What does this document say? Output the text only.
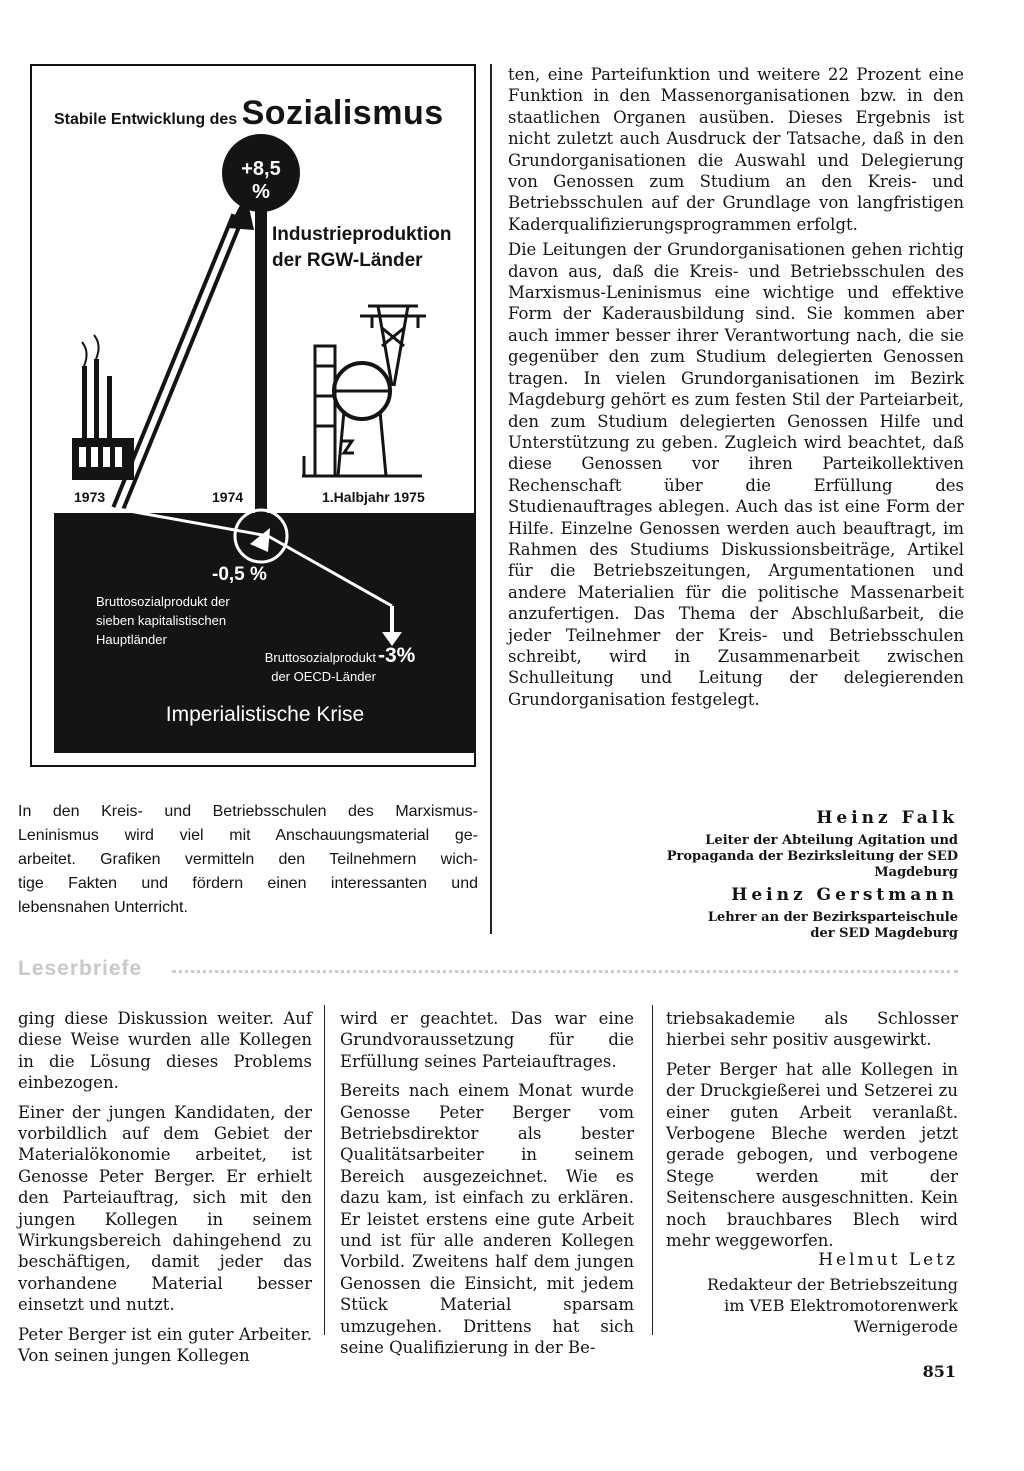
Stabile Entwicklung des Sozialismus
+8,5 %
Industrieproduktion
der RGW-Länder
1973	1974	1.Halbjahr 1975
-0,5 %
Bruttosozialprodukt der
sieben kapitalistischen
Hauptländer
Bruttosozialprodukt
der OECD-Länder
-3%
Imperialistische Krise
In den Kreis- und Betriebsschulen des Marxismus-
Leninismus wird viel mit Anschauungsmaterial ge-
arbeitet. Grafiken vermitteln den Teilnehmern wich-
tige Fakten und fördern einen interessanten und
lebensnahen Unterricht.

ten, eine Parteifunktion und weitere 22 Prozent eine Funktion in den Massenorganisationen bzw. in den staatlichen Organen ausüben. Dieses Ergebnis ist nicht zuletzt auch Ausdruck der Tatsache, daß in den Grundorganisationen die Auswahl und Delegierung von Genossen zum Studium an den Kreis- und Betriebsschulen auf der Grundlage von langfristigen Kaderqualifizierungsprogrammen erfolgt.

Die Leitungen der Grundorganisationen gehen richtig davon aus, daß die Kreis- und Betriebsschulen des Marxismus-Leninismus eine wichtige und effektive Form der Kaderausbildung sind. Sie kommen aber auch immer besser ihrer Verantwortung nach, die sie gegenüber den zum Studium delegierten Genossen tragen. In vielen Grundorganisationen im Bezirk Magdeburg gehört es zum festen Stil der Parteiarbeit, den zum Studium delegierten Genossen Hilfe und Unterstützung zu geben. Zugleich wird beachtet, daß diese Genossen vor ihren Parteikollektiven Rechenschaft über die Erfüllung des Studienauftrages ablegen. Auch das ist eine Form der Hilfe. Einzelne Genossen werden auch beauftragt, im Rahmen des Studiums Diskussionsbeiträge, Artikel für die Betriebszeitungen, Argumentationen und andere Materialien für die politische Massenarbeit anzufertigen. Das Thema der Abschlußarbeit, die jeder Teilnehmer der Kreis- und Betriebsschulen schreibt, wird in Zusammenarbeit zwischen Schulleitung und Leitung der delegierenden Grundorganisation festgelegt.

Heinz Falk
Leiter der Abteilung Agitation und
Propaganda der Bezirksleitung der SED
Magdeburg
Heinz Gerstmann
Lehrer an der Bezirksparteischule
der SED Magdeburg
Leserbriefe

ging diese Diskussion weiter. Auf diese Weise wurden alle Kollegen in die Lösung dieses Problems einbezogen.

Einer der jungen Kandidaten, der vorbildlich auf dem Gebiet der Materialökonomie arbeitet, ist Genosse Peter Berger. Er erhielt den Parteiauftrag, sich mit den jungen Kollegen in seinem Wirkungsbereich dahingehend zu beschäftigen, damit jeder das vorhandene Material besser einsetzt und nutzt.

Peter Berger ist ein guter Arbeiter. Von seinen jungen Kollegen

wird er geachtet. Das war eine Grundvoraussetzung für die Erfüllung seines Parteiauftrages.

Bereits nach einem Monat wurde Genosse Peter Berger vom Betriebsdirektor als bester Qualitätsarbeiter in seinem Bereich ausgezeichnet. Wie es dazu kam, ist einfach zu erklären. Er leistet erstens eine gute Arbeit und ist für alle anderen Kollegen Vorbild. Zweitens half dem jungen Genossen die Einsicht, mit jedem Stück Material sparsam umzugehen. Drittens hat sich seine Qualifizierung in der Be-

triebsakademie als Schlosser hierbei sehr positiv ausgewirkt.

Peter Berger hat alle Kollegen in der Druckgießerei und Setzerei zu einer guten Arbeit veranlaßt. Verbogene Bleche werden jetzt gerade gebogen, und verbogene Stege werden mit der Seitenschere ausgeschnitten. Kein noch brauchbares Blech wird mehr weggeworfen.

Helmut Letz
Redakteur der Betriebszeitung
im VEB Elektromotorenwerk
Wernigerode
851
